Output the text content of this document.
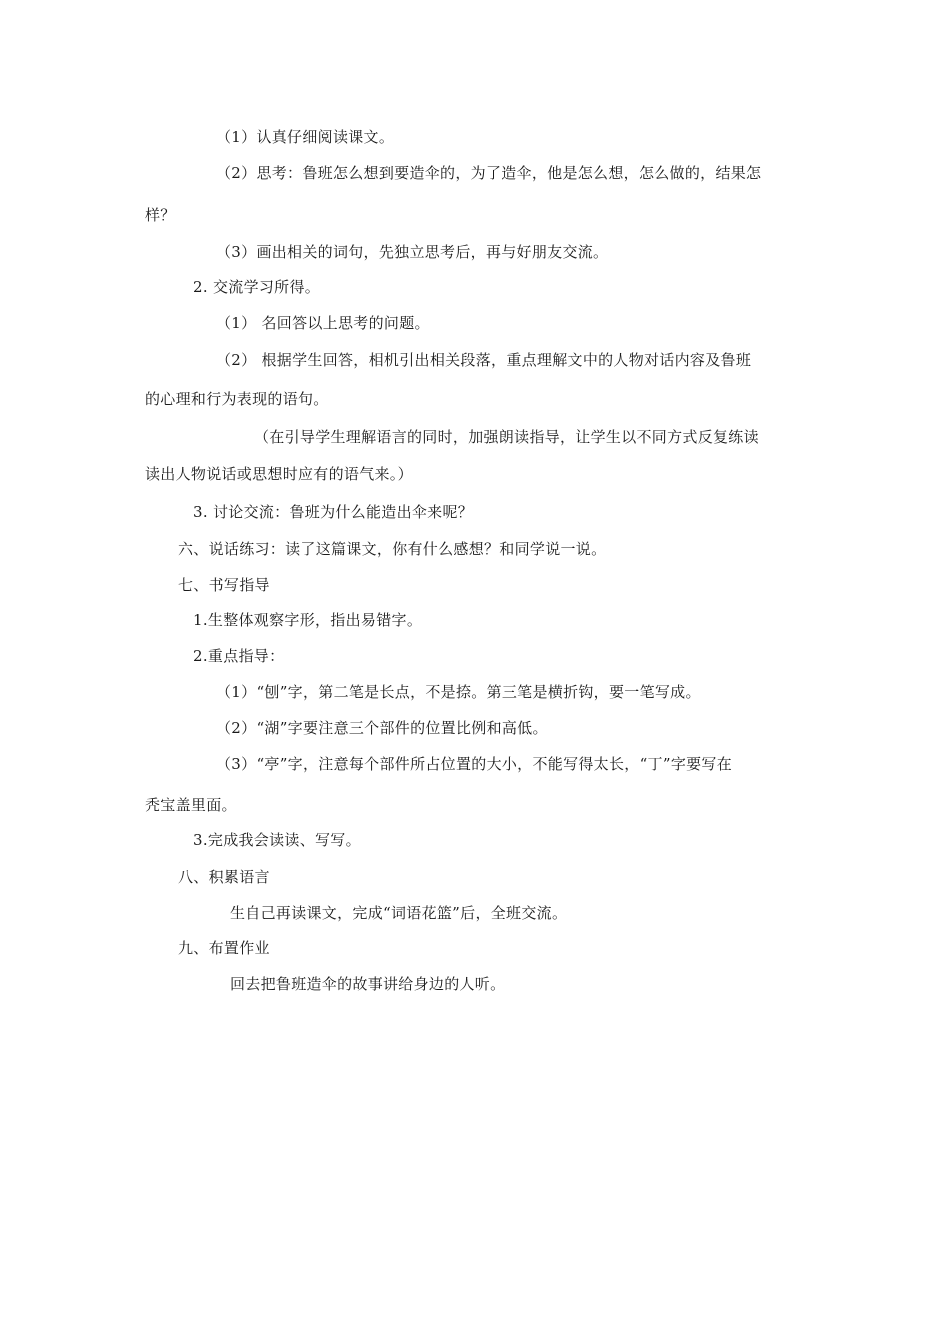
（1）认真仔细阅读课文。
（2）思考：鲁班怎么想到要造伞的，为了造伞，他是怎么想，怎么做的，结果怎
样？
（3）画出相关的词句，先独立思考后，再与好朋友交流。
2. 交流学习所得。
（1） 名回答以上思考的问题。
（2） 根据学生回答，相机引出相关段落，重点理解文中的人物对话内容及鲁班
的心理和行为表现的语句。
（在引导学生理解语言的同时，加强朗读指导，让学生以不同方式反复练读
读出人物说话或思想时应有的语气来。）
3. 讨论交流：鲁班为什么能造出伞来呢？
六、说话练习：读了这篇课文，你有什么感想？和同学说一说。
七、书写指导
1.生整体观察字形，指出易错字。
2.重点指导：
（1）“刨”字，第二笔是长点，不是捺。第三笔是横折钩，要一笔写成。
（2）“湖”字要注意三个部件的位置比例和高低。
（3）“亭”字，注意每个部件所占位置的大小，不能写得太长，“丁”字要写在
秃宝盖里面。
3.完成我会读读、写写。
八、积累语言
生自己再读课文，完成“词语花篮”后，全班交流。
九、布置作业
回去把鲁班造伞的故事讲给身边的人听。
